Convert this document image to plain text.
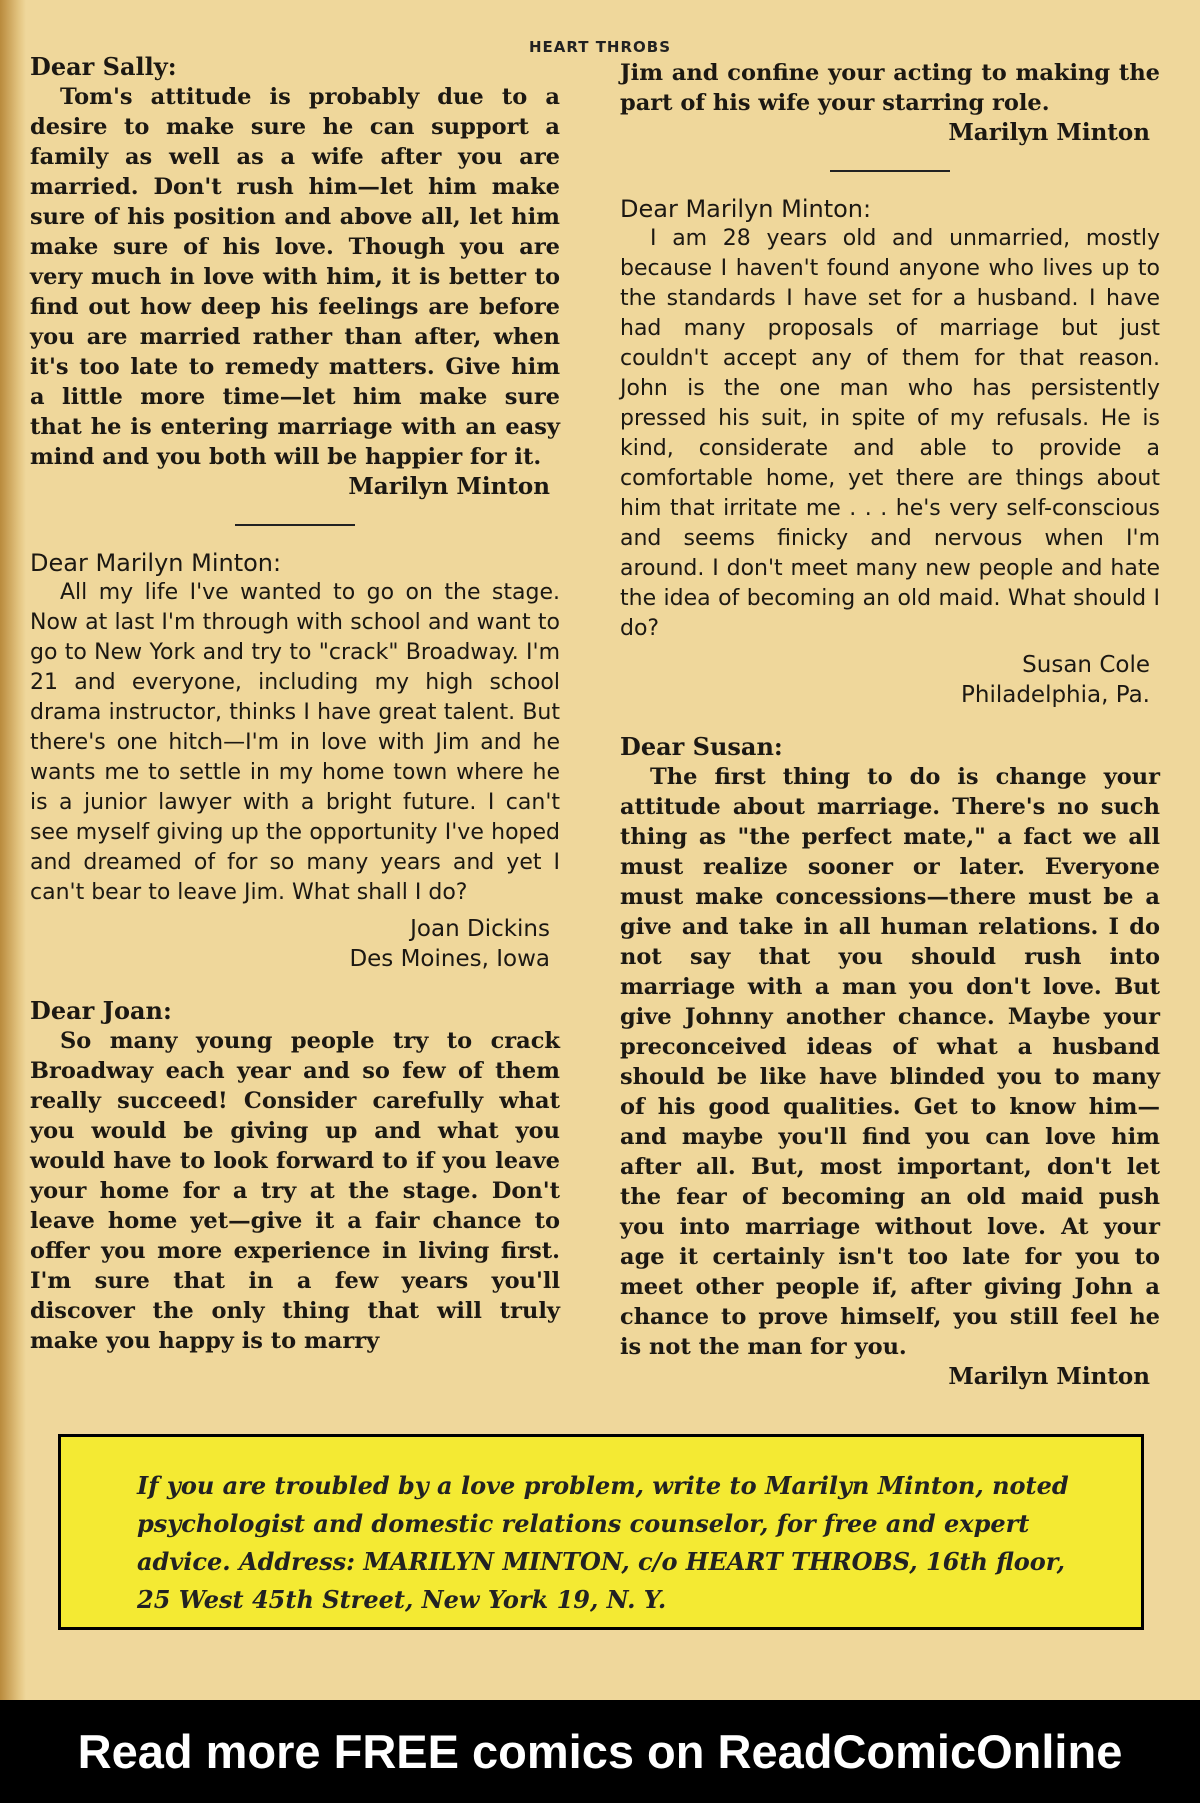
HEART THROBS
Dear Sally:
Tom's attitude is probably due to a desire to make sure he can support a family as well as a wife after you are married. Don't rush him—let him make sure of his position and above all, let him make sure of his love. Though you are very much in love with him, it is better to find out how deep his feelings are before you are married rather than after, when it's too late to remedy matters. Give him a little more time—let him make sure that he is entering marriage with an easy mind and you both will be happier for it.
Marilyn Minton
Dear Marilyn Minton:
All my life I've wanted to go on the stage. Now at last I'm through with school and want to go to New York and try to "crack" Broadway. I'm 21 and everyone, including my high school drama instructor, thinks I have great talent. But there's one hitch—I'm in love with Jim and he wants me to settle in my home town where he is a junior lawyer with a bright future. I can't see myself giving up the opportunity I've hoped and dreamed of for so many years and yet I can't bear to leave Jim. What shall I do?
Joan Dickins
Des Moines, Iowa
Dear Joan:
So many young people try to crack Broadway each year and so few of them really succeed! Consider carefully what you would be giving up and what you would have to look forward to if you leave your home for a try at the stage. Don't leave home yet—give it a fair chance to offer you more experience in living first. I'm sure that in a few years you'll discover the only thing that will truly make you happy is to marry
Jim and confine your acting to making the part of his wife your starring role.
Marilyn Minton
Dear Marilyn Minton:
I am 28 years old and unmarried, mostly because I haven't found anyone who lives up to the standards I have set for a husband. I have had many proposals of marriage but just couldn't accept any of them for that reason. John is the one man who has persistently pressed his suit, in spite of my refusals. He is kind, considerate and able to provide a comfortable home, yet there are things about him that irritate me . . . he's very self-conscious and seems finicky and nervous when I'm around. I don't meet many new people and hate the idea of becoming an old maid. What should I do?
Susan Cole
Philadelphia, Pa.
Dear Susan:
The first thing to do is change your attitude about marriage. There's no such thing as "the perfect mate," a fact we all must realize sooner or later. Everyone must make concessions—there must be a give and take in all human relations. I do not say that you should rush into marriage with a man you don't love. But give Johnny another chance. Maybe your preconceived ideas of what a husband should be like have blinded you to many of his good qualities. Get to know him—and maybe you'll find you can love him after all. But, most important, don't let the fear of becoming an old maid push you into marriage without love. At your age it certainly isn't too late for you to meet other people if, after giving John a chance to prove himself, you still feel he is not the man for you.
Marilyn Minton

If you are troubled by a love problem, write to Marilyn Minton, noted psychologist and domestic relations counselor, for free and expert advice. Address: MARILYN MINTON, c/o HEART THROBS, 16th floor, 25 West 45th Street, New York 19, N. Y.

Read more FREE comics on ReadComicOnline
